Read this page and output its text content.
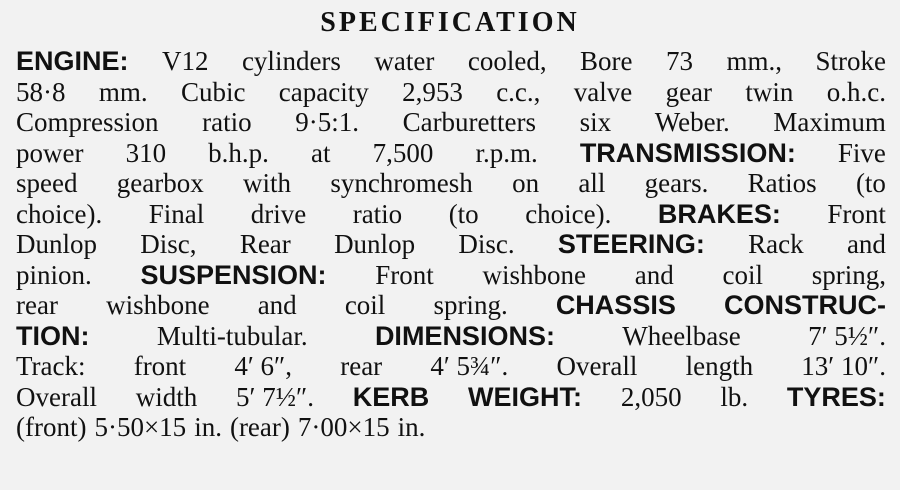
SPECIFICATION
ENGINE: V12 cylinders water cooled, Bore 73 mm., Stroke
58·8 mm. Cubic capacity 2,953 c.c., valve gear twin o.h.c.
Compression ratio 9·5:1. Carburetters six Weber. Maximum
power 310 b.h.p. at 7,500 r.p.m. TRANSMISSION: Five
speed gearbox with synchromesh on all gears. Ratios (to
choice). Final drive ratio (to choice). BRAKES: Front
Dunlop Disc, Rear Dunlop Disc. STEERING: Rack and
pinion. SUSPENSION: Front wishbone and coil spring,
rear wishbone and coil spring. CHASSIS CONSTRUC-
TION: Multi-tubular. DIMENSIONS: Wheelbase 7′ 5½″.
Track: front 4′ 6″, rear 4′ 5¾″. Overall length 13′ 10″.
Overall width 5′ 7½″. KERB WEIGHT: 2,050 lb. TYRES:
(front) 5·50×15 in. (rear) 7·00×15 in.
